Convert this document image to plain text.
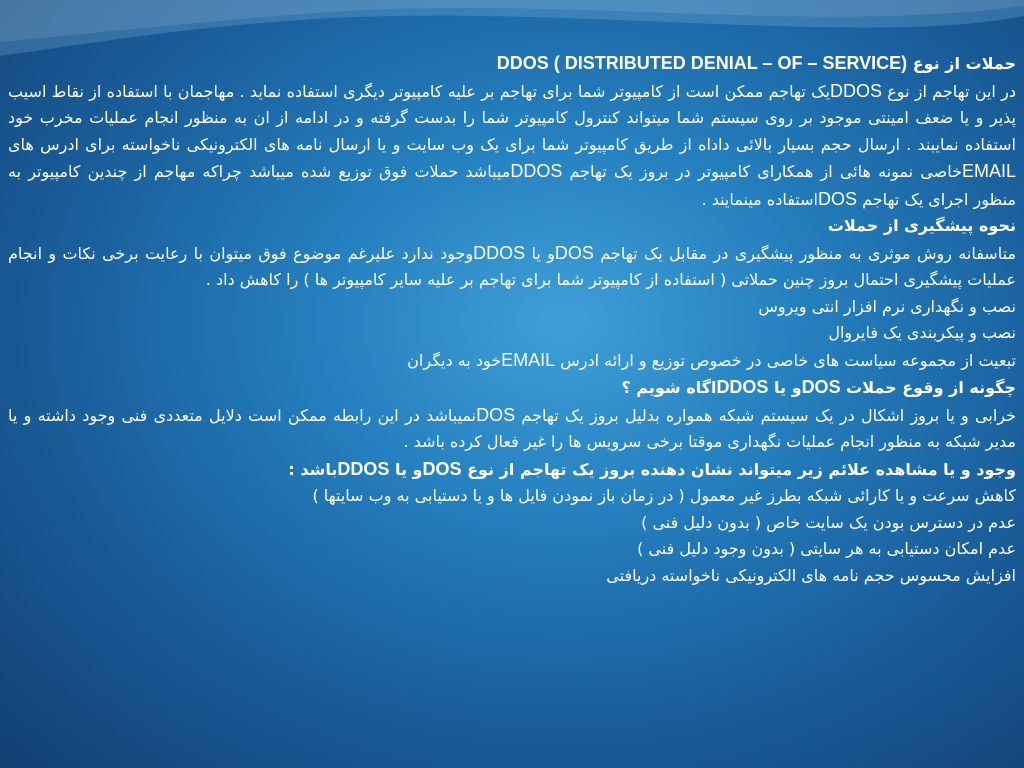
حملات از نوع DDOS ( DISTRIBUTED DENIAL – OF – SERVICE)

در این تهاجم از نوع DDOSیک تهاجم ممکن است از کامپیوتر شما برای تهاجم بر علیه کامپیوتر دیگری استفاده نماید . مهاجمان با استفاده از نقاط اسیب پذیر و یا ضعف امینتی موجود بر روی سیستم شما میتواند کنترول کامپیوتر شما را بدست گرفته و در ادامه از ان به منظور انجام عملیات مخرب خود استفاده نمایبند . ارسال حجم بسیار بالائی داداه از طریق کامپیوتر شما برای یک وب سایت و یا ارسال نامه های الکترونیکی ناخواسته برای ادرس های EMAILخاصی نمونه هائی از همکارای کامپیوتر در بروز یک تهاجم DDOSمیباشد حملات فوق توزیع شده میباشد چراکه مهاجم از چندین کامپیوتر به منظور اجرای یک تهاجم DOSاستفاده مینمایند .

نحوه پیشگیری از حملات

متاسفانه روش موثری به منظور پیشگیری در مقابل یک تهاجم DOSو یا DDOSوجود ندارد علیرغم موضوع فوق میتوان با رعایت برخی نکات و انجام عملیات پیشگیری احتمال بروز چنین حملاتی ( استفاده از کامپیوتر شما برای تهاجم بر علیه سایر کامپیوتر ها ) را کاهش داد .

نصب و نگهداری نرم افزار انتی ویروس

نصب و پیکربندی یک فایروال

تبعیت از مجموعه سیاست های خاصی در خصوص توزیع و ارائه ادرس EMAILخود به دیگران

چگونه از وقوع حملات DOSو یا DDOSاگاه شویم ؟

خرابی و یا بروز اشکال در یک سیستم شبکه همواره بدلیل بروز یک تهاجم DOSنمیباشد در این رابطه ممکن است دلایل متعددی فنی وجود داشته و یا مدیر شبکه به منظور انجام عملیات نگهداری موقتا برخی سرویس ها را غیر فعال کرده باشد .

وجود و یا مشاهده علائم زیر میتواند نشان دهنده بروز یک تهاجم از نوع DOSو یا DDOSباشد :

کاهش سرعت و یا کارائی شبکه بطرز غیر معمول ( در زمان باز نمودن فایل ها و یا دستیابی به وب سایتها )

عدم در دسترس بودن یک سایت خاص ( بدون دلیل فنی )

عدم امکان دستیابی به هر سایتی ( بدون وجود دلیل فنی )

افزایش محسوس حجم نامه های الکترونیکی ناخواسته دریافتی
